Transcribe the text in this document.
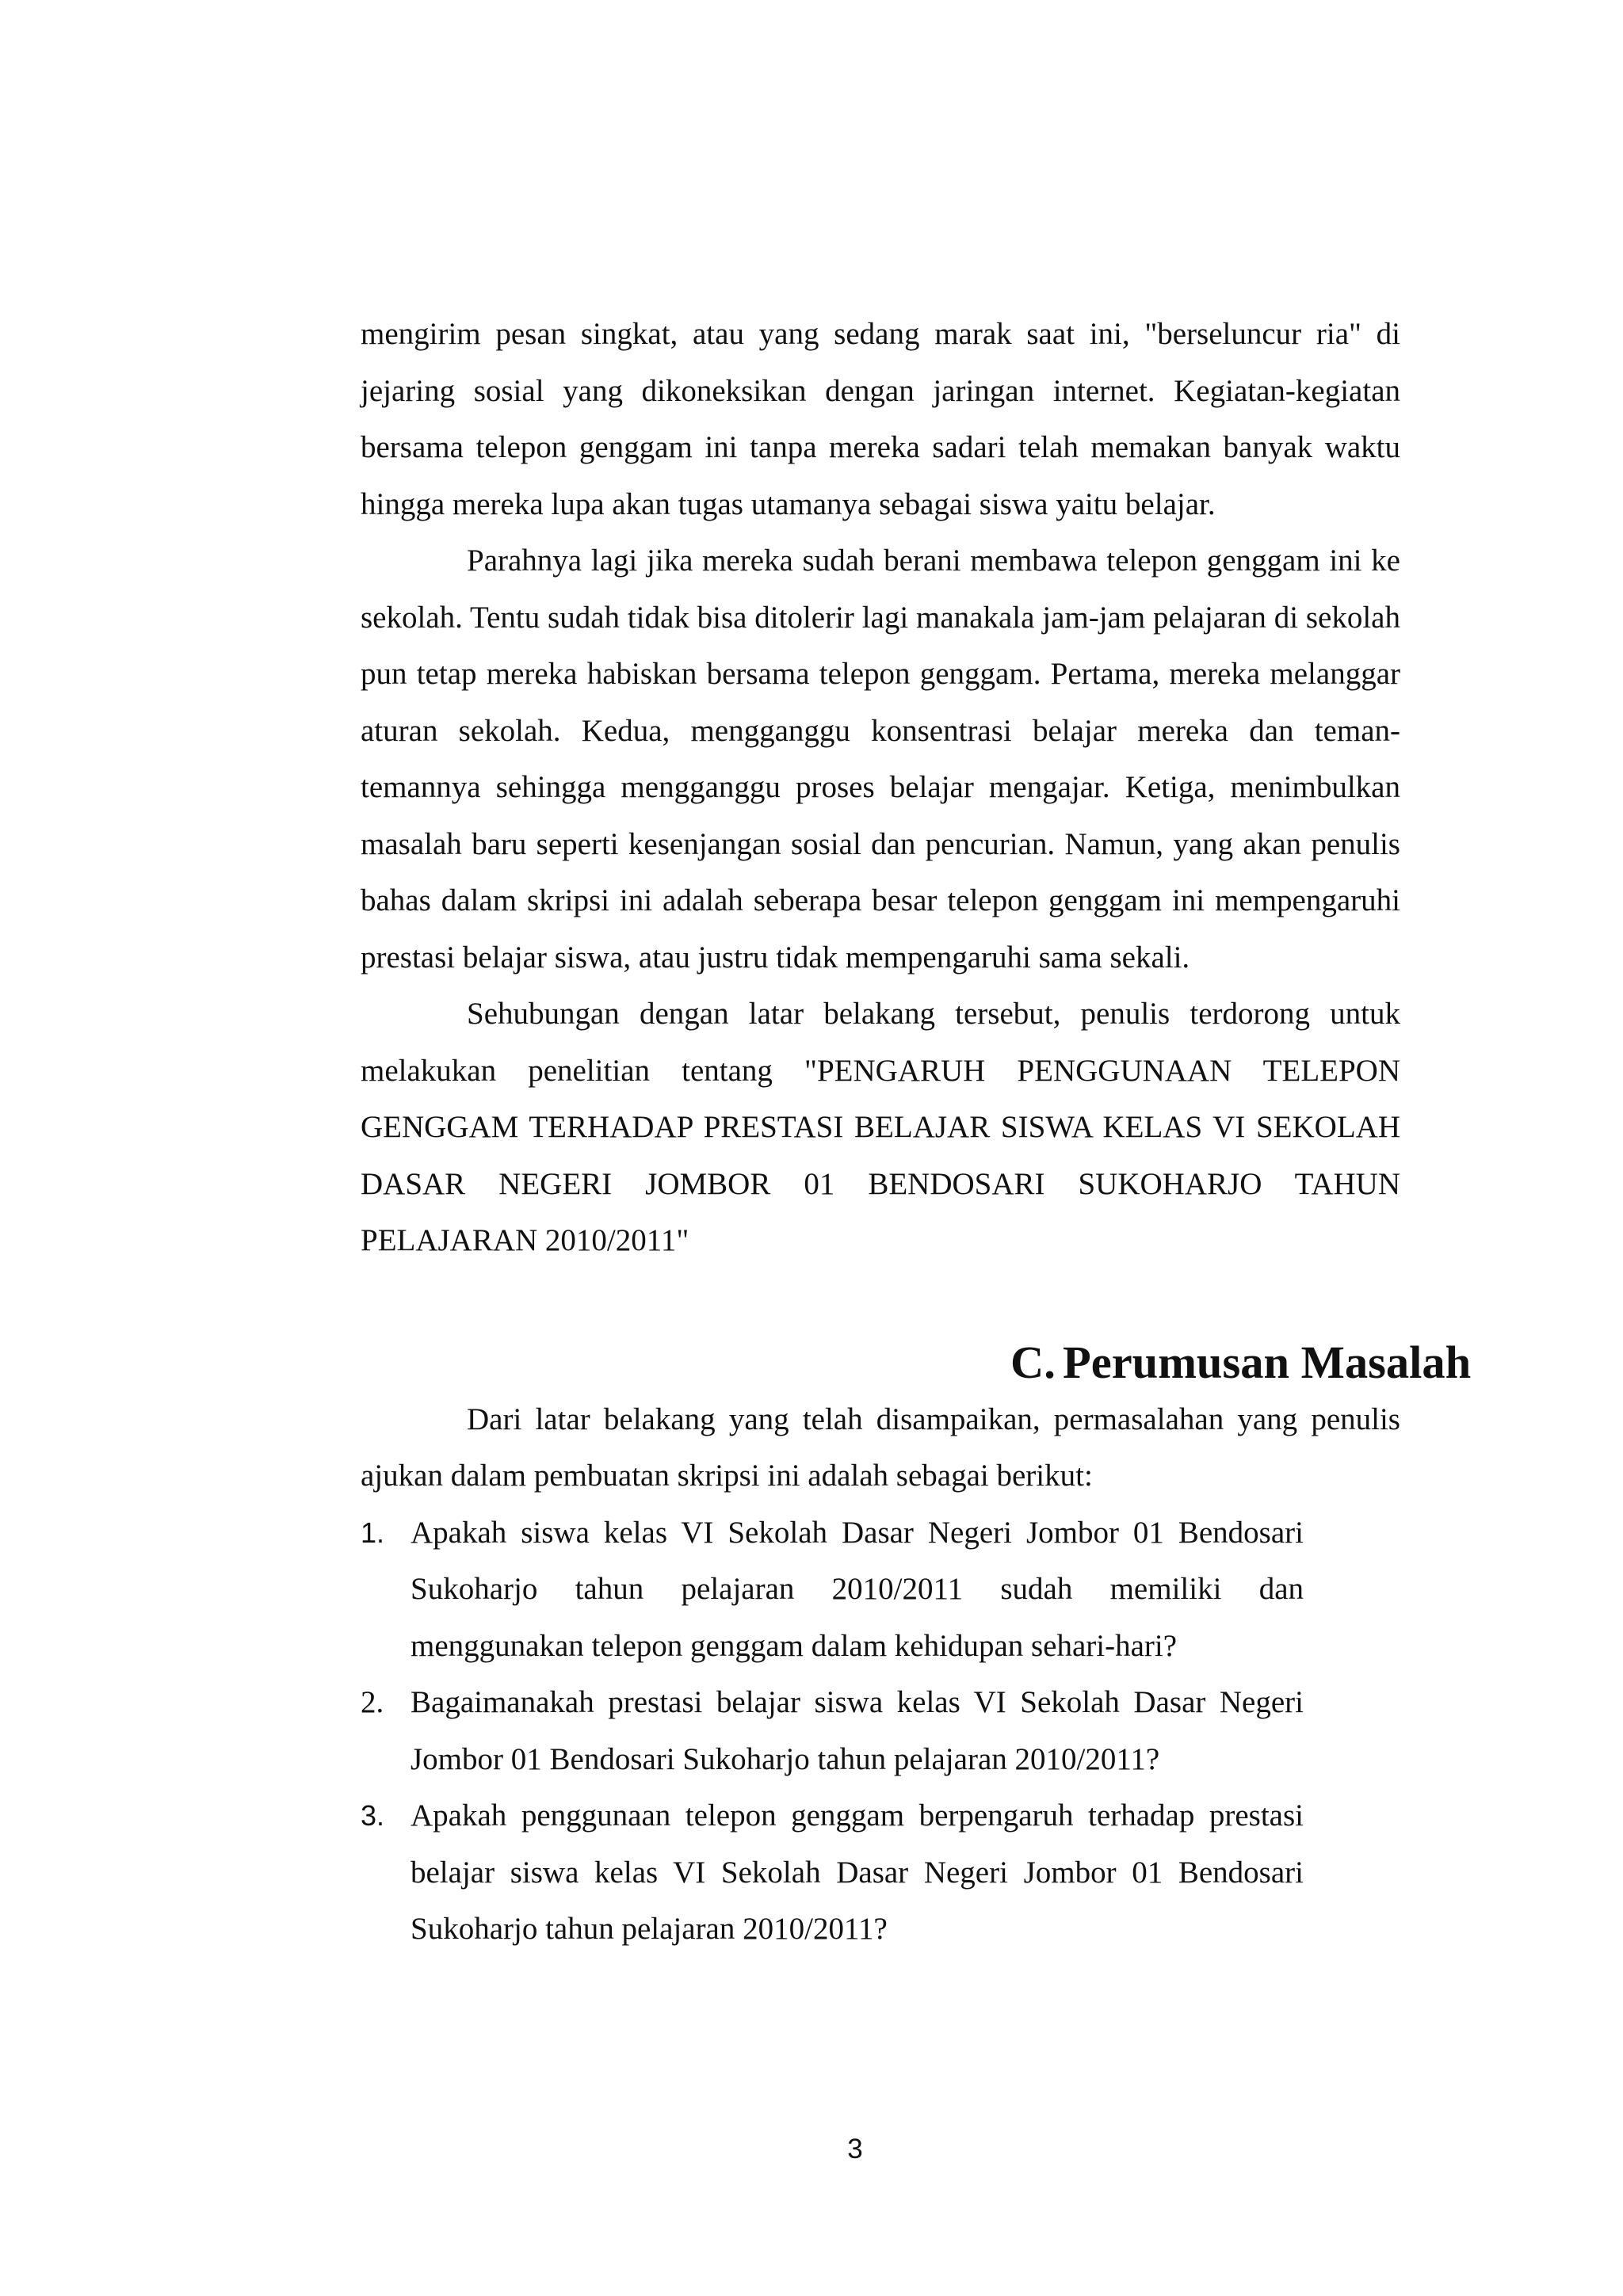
mengirim pesan singkat, atau yang sedang marak saat ini, "berseluncur ria" di jejaring sosial yang dikoneksikan dengan jaringan internet. Kegiatan-kegiatan bersama telepon genggam ini tanpa mereka sadari telah memakan banyak waktu hingga mereka lupa akan tugas utamanya sebagai siswa yaitu belajar.

Parahnya lagi jika mereka sudah berani membawa telepon genggam ini ke sekolah. Tentu sudah tidak bisa ditolerir lagi manakala jam-jam pelajaran di sekolah pun tetap mereka habiskan bersama telepon genggam. Pertama, mereka melanggar aturan sekolah. Kedua, mengganggu konsentrasi belajar mereka dan teman-temannya sehingga mengganggu proses belajar mengajar. Ketiga, menimbulkan masalah baru seperti kesenjangan sosial dan pencurian. Namun, yang akan penulis bahas dalam skripsi ini adalah seberapa besar telepon genggam ini mempengaruhi prestasi belajar siswa, atau justru tidak mempengaruhi sama sekali.

Sehubungan dengan latar belakang tersebut, penulis terdorong untuk melakukan penelitian tentang "PENGARUH PENGGUNAAN TELEPON GENGGAM TERHADAP PRESTASI BELAJAR SISWA KELAS VI SEKOLAH DASAR NEGERI JOMBOR 01 BENDOSARI SUKOHARJO TAHUN PELAJARAN 2010/2011"

C. Perumusan Masalah

Dari latar belakang yang telah disampaikan, permasalahan yang penulis ajukan dalam pembuatan skripsi ini adalah sebagai berikut:

1. Apakah siswa kelas VI Sekolah Dasar Negeri Jombor 01 Bendosari Sukoharjo tahun pelajaran 2010/2011 sudah memiliki dan menggunakan telepon genggam dalam kehidupan sehari-hari?
2. Bagaimanakah prestasi belajar siswa kelas VI Sekolah Dasar Negeri Jombor 01 Bendosari Sukoharjo tahun pelajaran 2010/2011?
3. Apakah penggunaan telepon genggam berpengaruh terhadap prestasi belajar siswa kelas VI Sekolah Dasar Negeri Jombor 01 Bendosari Sukoharjo tahun pelajaran 2010/2011?
3
